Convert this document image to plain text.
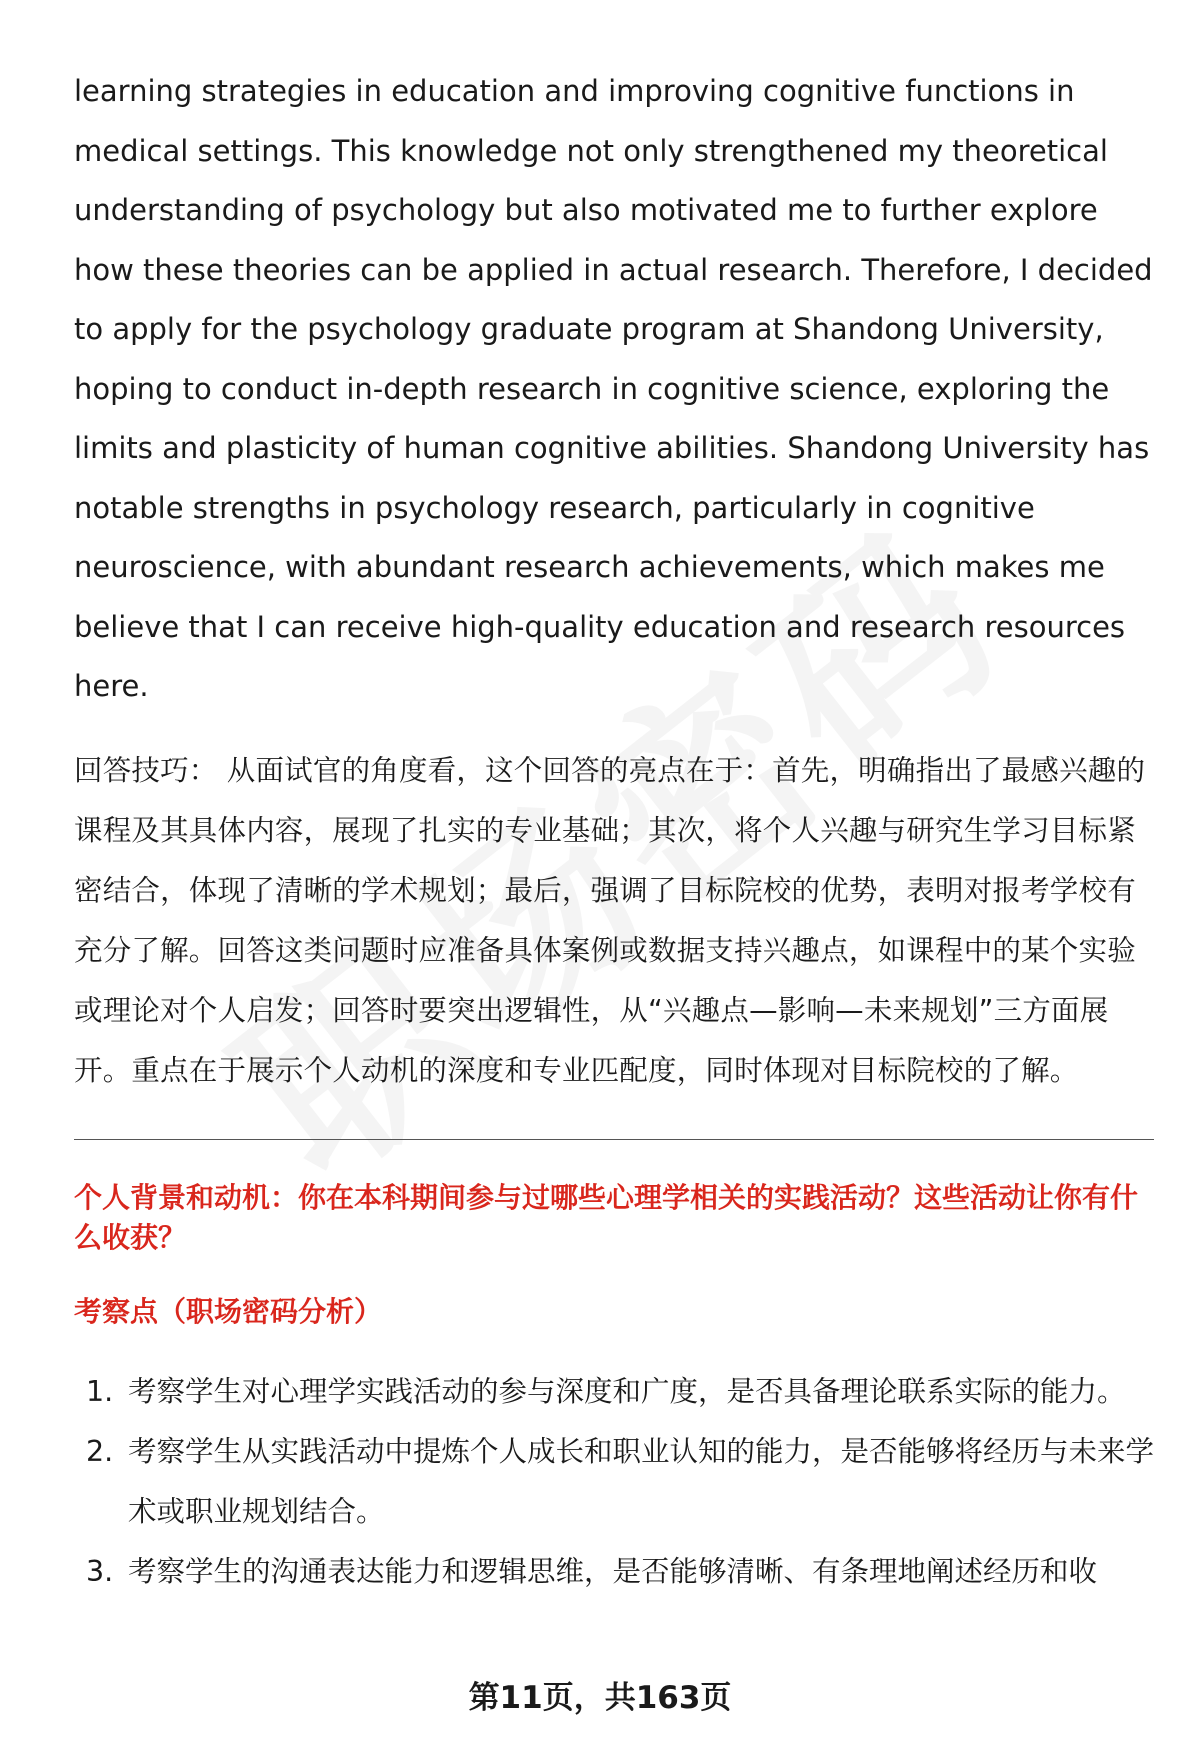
learning strategies in education and improving cognitive functions in medical settings. This knowledge not only strengthened my theoretical understanding of psychology but also motivated me to further explore how these theories can be applied in actual research. Therefore, I decided to apply for the psychology graduate program at Shandong University, hoping to conduct in-depth research in cognitive science, exploring the limits and plasticity of human cognitive abilities. Shandong University has notable strengths in psychology research, particularly in cognitive neuroscience, with abundant research achievements, which makes me believe that I can receive high-quality education and research resources here.

回答技巧： 从面试官的角度看，这个回答的亮点在于：首先，明确指出了最感兴趣的课程及其具体内容，展现了扎实的专业基础；其次，将个人兴趣与研究生学习目标紧密结合，体现了清晰的学术规划；最后，强调了目标院校的优势，表明对报考学校有充分了解。回答这类问题时应准备具体案例或数据支持兴趣点，如课程中的某个实验或理论对个人启发；回答时要突出逻辑性，从“兴趣点—影响—未来规划”三方面展开。重点在于展示个人动机的深度和专业匹配度，同时体现对目标院校的了解。

个人背景和动机：你在本科期间参与过哪些心理学相关的实践活动？这些活动让你有什么收获？
考察点（职场密码分析）
1. 考察学生对心理学实践活动的参与深度和广度，是否具备理论联系实际的能力。
2. 考察学生从实践活动中提炼个人成长和职业认知的能力，是否能够将经历与未来学术或职业规划结合。
3. 考察学生的沟通表达能力和逻辑思维，是否能够清晰、有条理地阐述经历和收
第11页，共163页
